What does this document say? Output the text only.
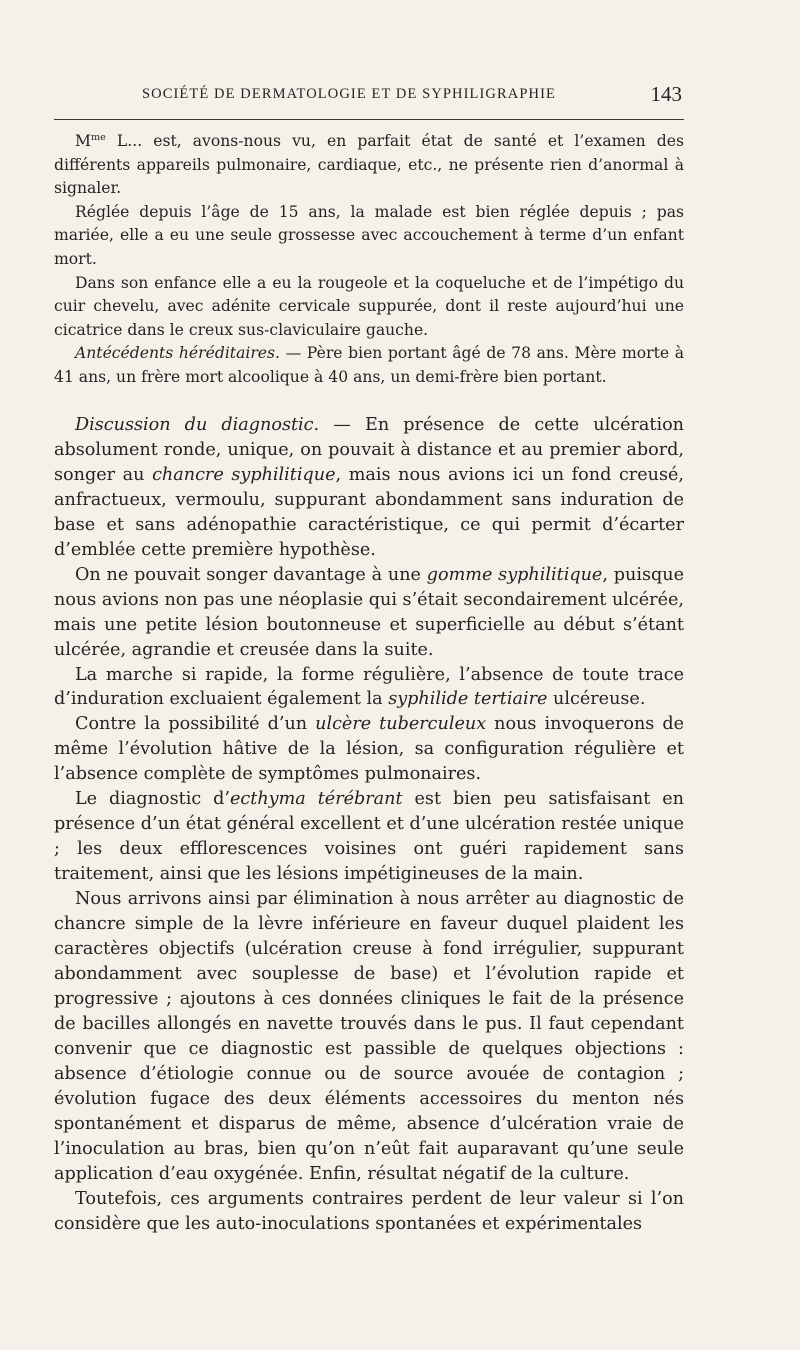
SOCIÉTÉ DE DERMATOLOGIE ET DE SYPHILIGRAPHIE	143

$M^{me}$ L... est, avons-nous vu, en parfait état de santé et l’examen des différents appareils pulmonaire, cardiaque, etc., ne présente rien d’anormal à signaler.

Réglée depuis l’âge de 15 ans, la malade est bien réglée depuis ; pas mariée, elle a eu une seule grossesse avec accouchement à terme d’un enfant mort.

Dans son enfance elle a eu la rougeole et la coqueluche et de l’impétigo du cuir chevelu, avec adénite cervicale suppurée, dont il reste aujourd’hui une cicatrice dans le creux sus-claviculaire gauche.

Antécédents héréditaires. — Père bien portant âgé de 78 ans. Mère morte à 41 ans, un frère mort alcoolique à 40 ans, un demi-frère bien portant.

Discussion du diagnostic. — En présence de cette ulcération absolument ronde, unique, on pouvait à distance et au premier abord, songer au chancre syphilitique, mais nous avions ici un fond creusé, anfractueux, vermoulu, suppurant abondamment sans induration de base et sans adénopathie caractéristique, ce qui permit d’écarter d’emblée cette première hypothèse.

On ne pouvait songer davantage à une gomme syphilitique, puisque nous avions non pas une néoplasie qui s’était secondairement ulcérée, mais une petite lésion boutonneuse et superficielle au début s’étant ulcérée, agrandie et creusée dans la suite.

La marche si rapide, la forme régulière, l’absence de toute trace d’induration excluaient également la syphilide tertiaire ulcéreuse.

Contre la possibilité d’un ulcère tuberculeux nous invoquerons de même l’évolution hâtive de la lésion, sa configuration régulière et l’absence complète de symptômes pulmonaires.

Le diagnostic d’ecthyma térébrant est bien peu satisfaisant en présence d’un état général excellent et d’une ulcération restée unique ; les deux efflorescences voisines ont guéri rapidement sans traitement, ainsi que les lésions impétigineuses de la main.

Nous arrivons ainsi par élimination à nous arrêter au diagnostic de chancre simple de la lèvre inférieure en faveur duquel plaident les caractères objectifs (ulcération creuse à fond irrégulier, suppurant abondamment avec souplesse de base) et l’évolution rapide et progressive ; ajoutons à ces données cliniques le fait de la présence de bacilles allongés en navette trouvés dans le pus. Il faut cependant convenir que ce diagnostic est passible de quelques objections : absence d’étiologie connue ou de source avouée de contagion ; évolution fugace des deux éléments accessoires du menton nés spontanément et disparus de même, absence d’ulcération vraie de l’inoculation au bras, bien qu’on n’eût fait auparavant qu’une seule application d’eau oxygénée. Enfin, résultat négatif de la culture.

Toutefois, ces arguments contraires perdent de leur valeur si l’on considère que les auto-inoculations spontanées et expérimentales
